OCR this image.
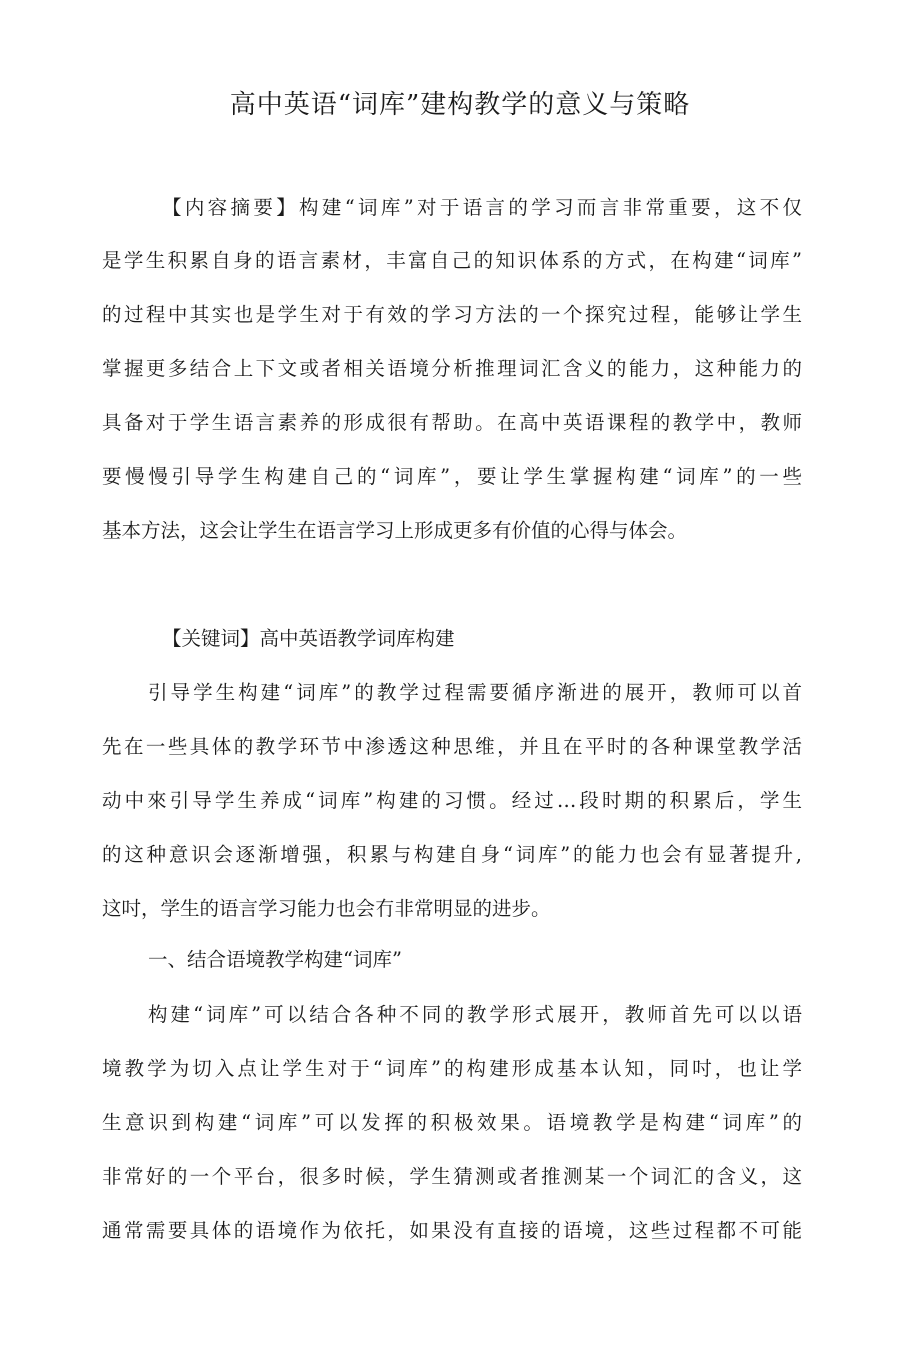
高中英语“词库”建构教学的意义与策略
【内容摘要】构建“词库”对于语言的学习而言非常重要，这不仅
是学生积累自身的语言素材，丰富自己的知识体系的方式，在构建“词库”
的过程中其实也是学生对于有效的学习方法的一个探究过程，能够让学生
掌握更多结合上下文或者相关语境分析推理词汇含义的能力，这种能力的
具备对于学生语言素养的形成很有帮助。在高中英语课程的教学中，教师
要慢慢引导学生构建自己的“词库”，要让学生掌握构建“词库”的一些
基本方法，这会让学生在语言学习上形成更多有价值的心得与体会。
【关键词】高中英语教学词库构建
引导学生构建“词库”的教学过程需要循序渐进的展开，教师可以首
先在一些具体的教学环节中渗透这种思维，并且在平时的各种课堂教学活
动中來引导学生养成“词库”构建的习惯。经过…段时期的积累后，学生
的这种意识会逐渐增强，积累与构建自身“词库”的能力也会有显著提升,
这吋，学生的语言学习能力也会冇非常明显的进步。
一、结合语境教学构建“词库”
构建“词库”可以结合各种不同的教学形式展开，教师首先可以以语
境教学为切入点让学生对于“词库”的构建形成基本认知，同吋，也让学
生意识到构建“词库”可以发挥的积极效果。语境教学是构建“词库”的
非常好的一个平台，很多时候，学生猜测或者推测某一个词汇的含义，这
通常需要具体的语境作为依托，如果没有直接的语境，这些过程都不可能
